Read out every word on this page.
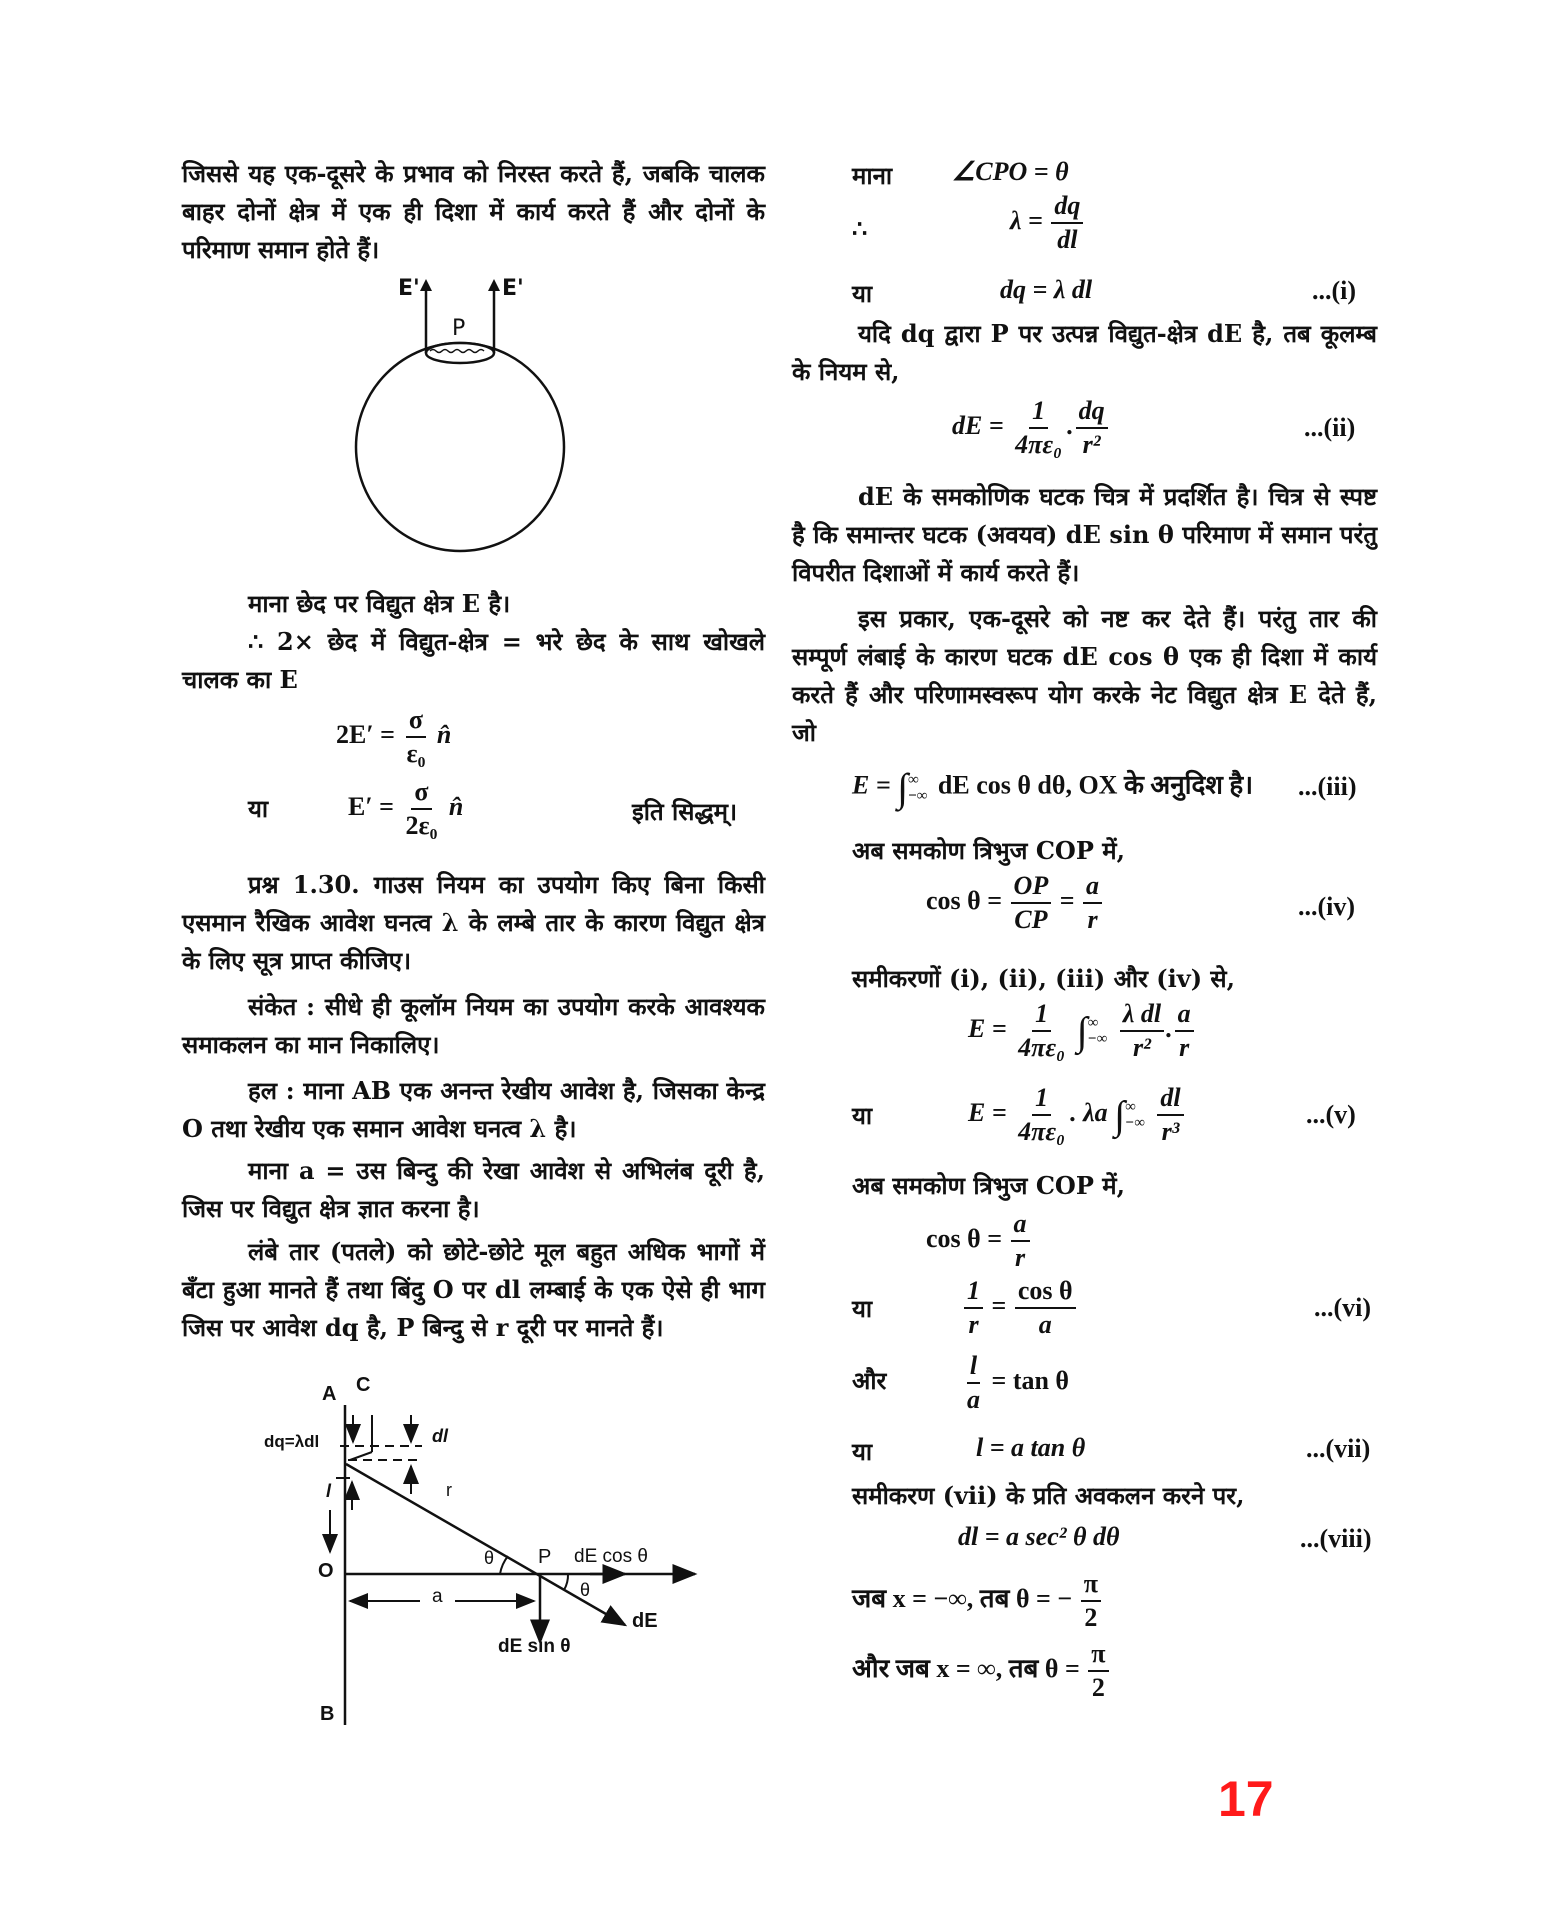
जिससे यह एक-दूसरे के प्रभाव को निरस्त करते हैं, जबकि चालक बाहर दोनों क्षेत्र में एक ही दिशा में कार्य करते हैं और दोनों के परिमाण समान होते हैं।
E'	E'
P
माना छेद पर विद्युत क्षेत्र E है।
∴ 2× छेद में विद्युत-क्षेत्र = भरे छेद के साथ खोखले चालक का E
$2E' = \frac{\sigma}{\text{ε₀}}$ n̂
या	$E' = \frac{\sigma}{\text{2ε₀}}$ n̂	इति सिद्धम्।
प्रश्न 1.30. गाउस नियम का उपयोग किए बिना किसी एसमान रैखिक आवेश घनत्व λ के लम्बे तार के कारण विद्युत क्षेत्र के लिए सूत्र प्राप्त कीजिए।
संकेत : सीधे ही कूलॉम नियम का उपयोग करके आवश्यक समाकलन का मान निकालिए।
हल : माना AB एक अनन्त रेखीय आवेश है, जिसका केन्द्र O तथा रेखीय एक समान आवेश घनत्व λ है।
माना a = उस बिन्दु की रेखा आवेश से अभिलंब दूरी है, जिस पर विद्युत क्षेत्र ज्ञात करना है।
लंबे तार (पतले) को छोटे-छोटे मूल बहुत अधिक भागों में बँटा हुआ मानते हैं तथा बिंदु O पर dl लम्बाई के एक ऐसे ही भाग जिस पर आवेश dq है, P बिन्दु से r दूरी पर मानते हैं।
A C
dq=λdl	dl
l	r
O
θ P dE cos θ
θ
a
dE
dE sin θ
B
माना ∠CPO = θ
∴	$\lambda = \frac{dq}{dl}$
या	dq = λ dl	...(i)
यदि dq द्वारा P पर उत्पन्न विद्युत-क्षेत्र dE है, तब कूलम्ब के नियम से,
dE = $\frac{1}{\text{4πε₀}}$ . $\frac{dq}{\text{r²}}$	...(ii)
dE के समकोणिक घटक चित्र में प्रदर्शित है। चित्र से स्पष्ट है कि समान्तर घटक (अवयव) dE sin θ परिमाण में समान परंतु विपरीत दिशाओं में कार्य करते हैं।
इस प्रकार, एक-दूसरे को नष्ट कर देते हैं। परंतु तार की सम्पूर्ण लंबाई के कारण घटक dE cos θ एक ही दिशा में कार्य करते हैं और परिणामस्वरूप योग करके नेट विद्युत क्षेत्र E देते हैं, जो
E = ∫ ∞
−∞ dE cos θ dθ, OX के अनुदिश है। ...(iii)
अब समकोण त्रिभुज COP में,
$\cos \theta = \frac{OP}{CP} = \frac{a}{r}$	...(iv)
समीकरणों (i), (ii), (iii) और (iv) से,
$E = \frac{1}{\text{4πε₀}}$ ∫ ∞
−∞
$\frac{\text{λ dl}}{\text{r²}}$ . $\frac{a}{r}$
या	$E = \frac{1}{\text{4πε₀}}$ . λa ∫ ∞
−∞
$\frac{dl}{\text{r³}}$	...(v)
अब समकोण त्रिभुज COP में,
$\cos \theta = \frac{a}{r}$
या	$\frac{1}{r} = \frac{\text{cos θ}}{a}$	...(vi)
और	$\frac{l}{a} = \tan \theta$
या	l = a tan θ	...(vii)
समीकरण (vii) के प्रति अवकलन करने पर,
dl = a sec² θ dθ	...(viii)
जब x = −∞, तब θ = − $\frac{\pi}{2}$
और जब x = ∞, तब $\theta = \frac{\pi}{2}$
17
